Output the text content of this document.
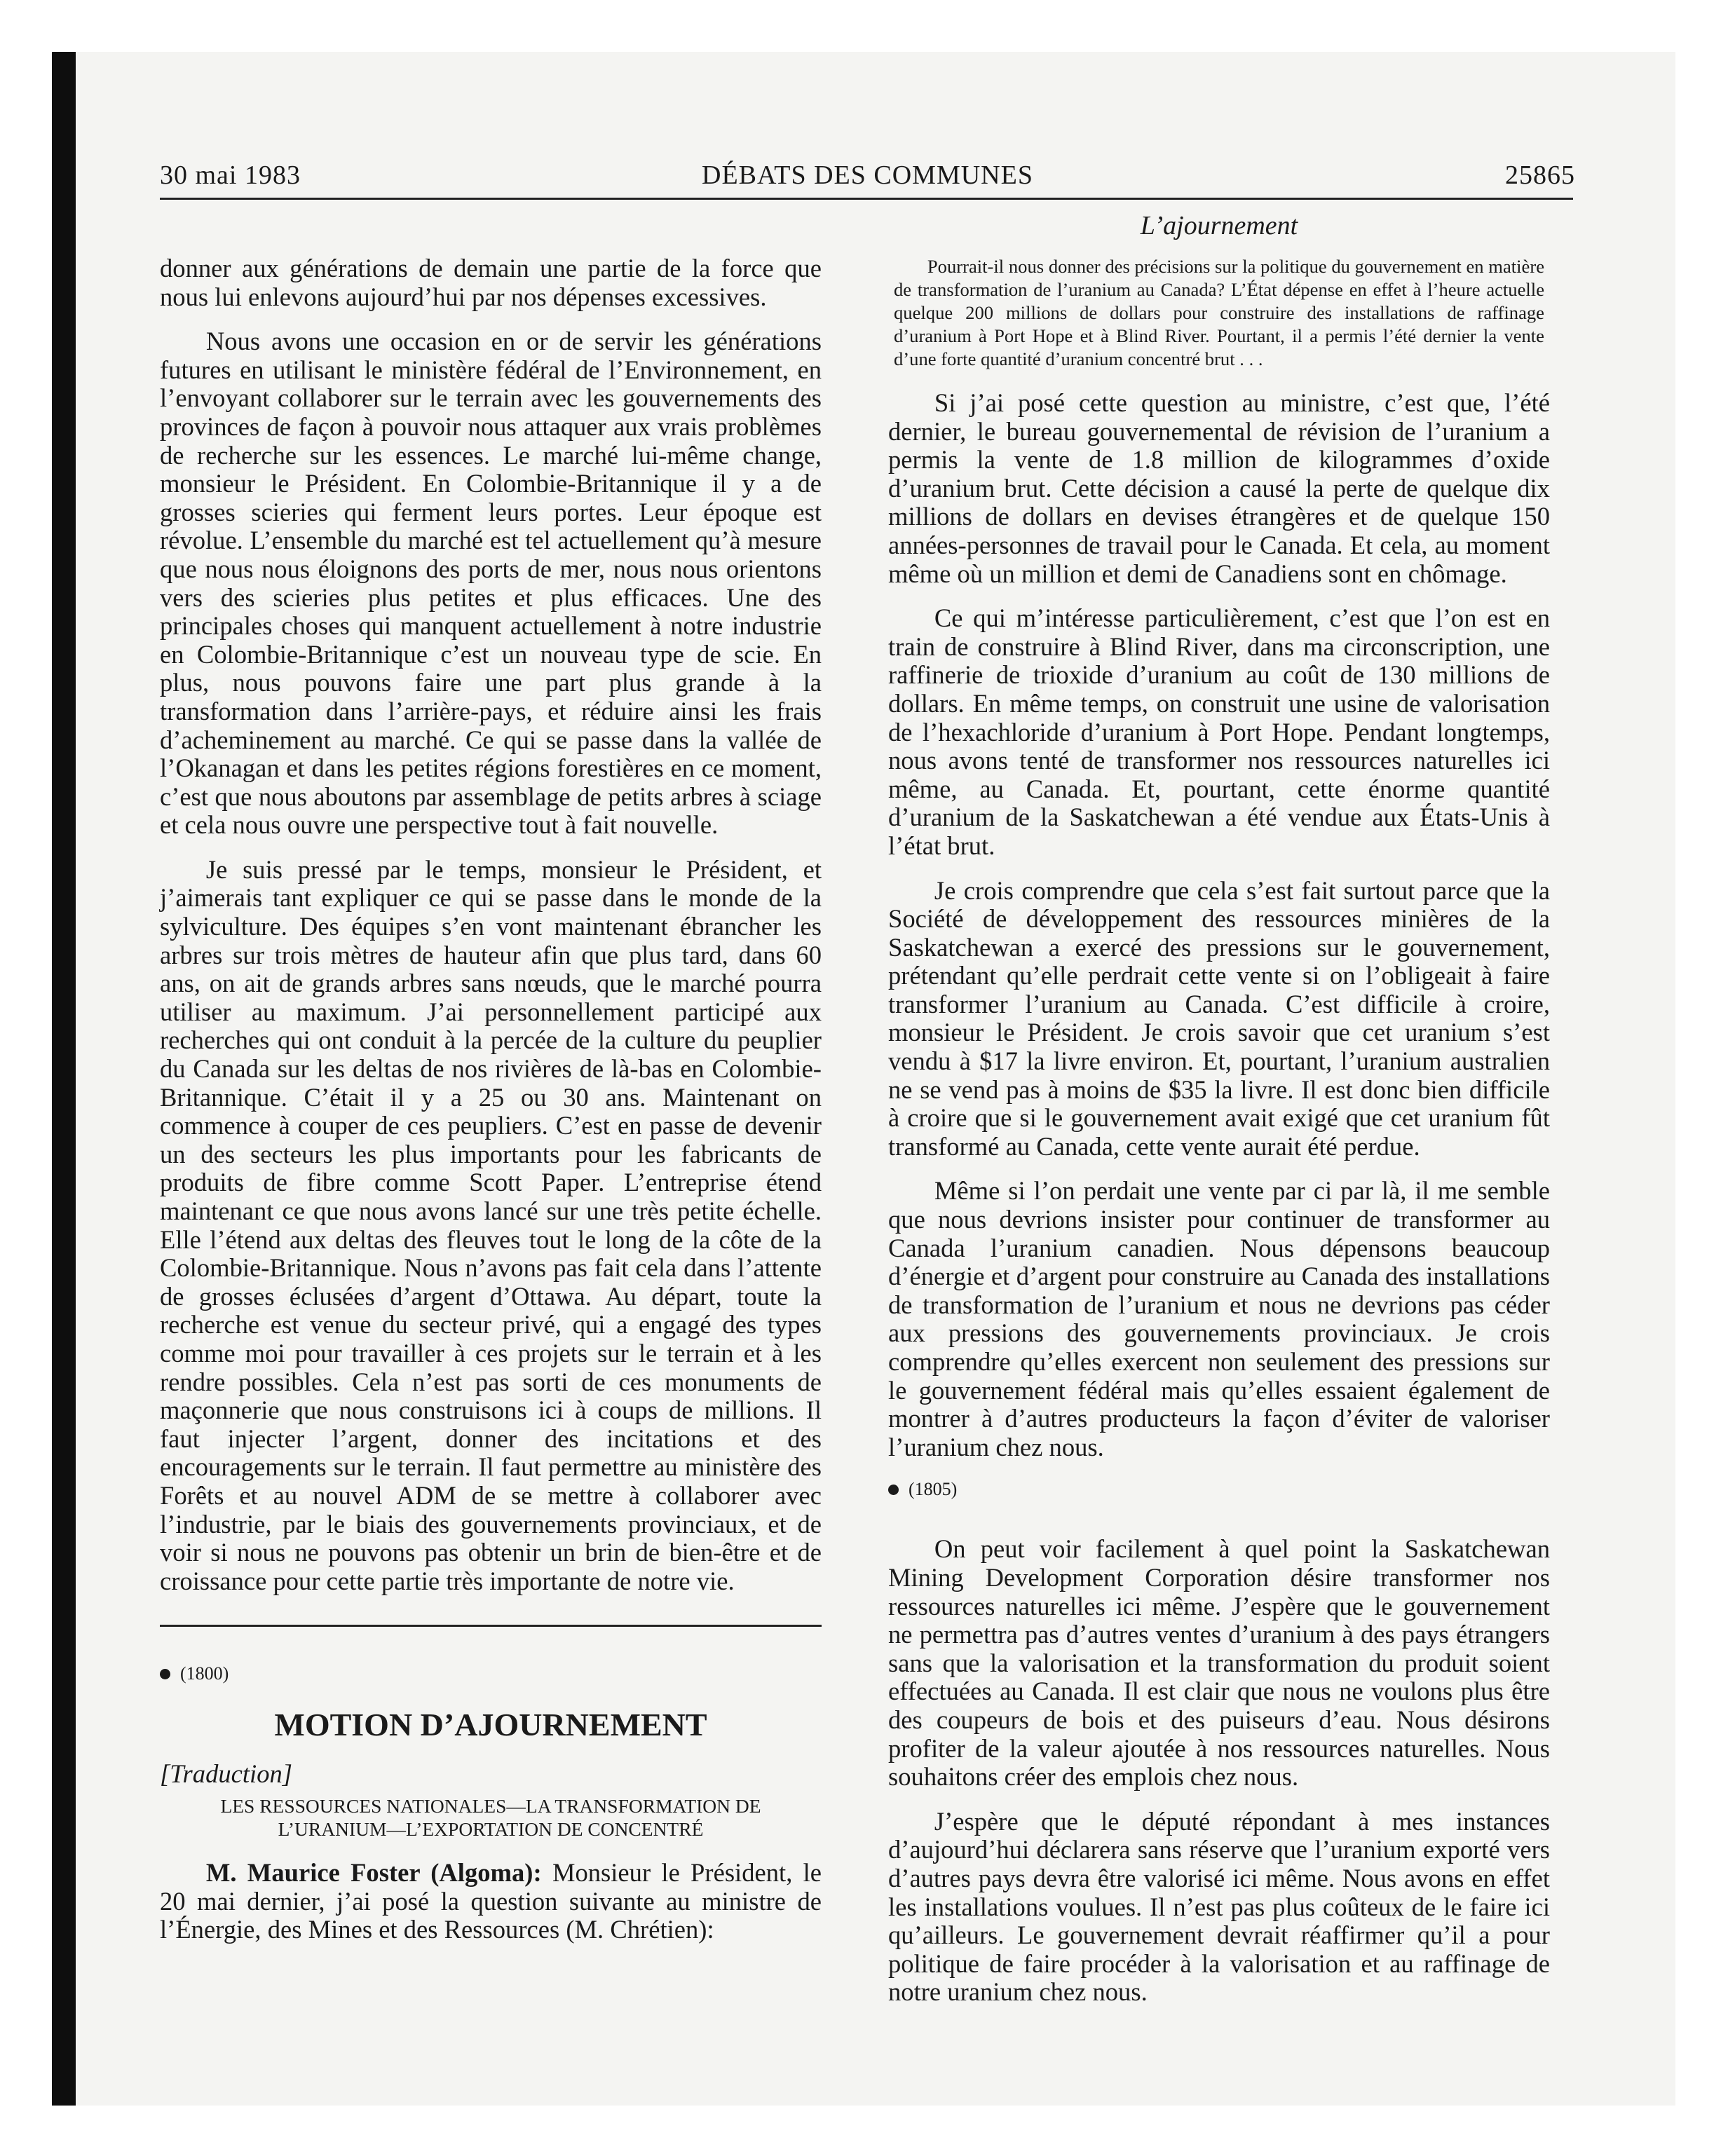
30 mai 1983	DÉBATS DES COMMUNES	25865

donner aux générations de demain une partie de la force que nous lui enlevons aujourd’hui par nos dépenses excessives.

Nous avons une occasion en or de servir les générations futures en utilisant le ministère fédéral de l’Environnement, en l’envoyant collaborer sur le terrain avec les gouvernements des provinces de façon à pouvoir nous attaquer aux vrais problèmes de recherche sur les essences. Le marché lui-même change, monsieur le Président. En Colombie-Britannique il y a de grosses scieries qui ferment leurs portes. Leur époque est révolue. L’ensemble du marché est tel actuellement qu’à mesure que nous nous éloignons des ports de mer, nous nous orientons vers des scieries plus petites et plus efficaces. Une des principales choses qui manquent actuellement à notre industrie en Colombie-Britannique c’est un nouveau type de scie. En plus, nous pouvons faire une part plus grande à la transformation dans l’arrière-pays, et réduire ainsi les frais d’acheminement au marché. Ce qui se passe dans la vallée de l’Okanagan et dans les petites régions forestières en ce moment, c’est que nous aboutons par assemblage de petits arbres à sciage et cela nous ouvre une perspective tout à fait nouvelle.

Je suis pressé par le temps, monsieur le Président, et j’aimerais tant expliquer ce qui se passe dans le monde de la sylviculture. Des équipes s’en vont maintenant ébrancher les arbres sur trois mètres de hauteur afin que plus tard, dans 60 ans, on ait de grands arbres sans nœuds, que le marché pourra utiliser au maximum. J’ai personnellement participé aux recherches qui ont conduit à la percée de la culture du peuplier du Canada sur les deltas de nos rivières de là-bas en Colombie-Britannique. C’était il y a 25 ou 30 ans. Maintenant on commence à couper de ces peupliers. C’est en passe de devenir un des secteurs les plus importants pour les fabricants de produits de fibre comme Scott Paper. L’entreprise étend maintenant ce que nous avons lancé sur une très petite échelle. Elle l’étend aux deltas des fleuves tout le long de la côte de la Colombie-Britannique. Nous n’avons pas fait cela dans l’attente de grosses éclusées d’argent d’Ottawa. Au départ, toute la recherche est venue du secteur privé, qui a engagé des types comme moi pour travailler à ces projets sur le terrain et à les rendre possibles. Cela n’est pas sorti de ces monuments de maçonnerie que nous construisons ici à coups de millions. Il faut injecter l’argent, donner des incitations et des encouragements sur le terrain. Il faut permettre au ministère des Forêts et au nouvel ADM de se mettre à collaborer avec l’industrie, par le biais des gouvernements provinciaux, et de voir si nous ne pouvons pas obtenir un brin de bien-être et de croissance pour cette partie très importante de notre vie.

(1800)
MOTION D’AJOURNEMENT
[Traduction]
LES RESSOURCES NATIONALES—LA TRANSFORMATION DE
L’URANIUM—L’EXPORTATION DE CONCENTRÉ

M. Maurice Foster (Algoma): Monsieur le Président, le 20 mai dernier, j’ai posé la question suivante au ministre de l’Énergie, des Mines et des Ressources (M. Chrétien):

L’ajournement
Pourrait-il nous donner des précisions sur la politique du gouvernement en matière de transformation de l’uranium au Canada? L’État dépense en effet à l’heure actuelle quelque 200 millions de dollars pour construire des installations de raffinage d’uranium à Port Hope et à Blind River. Pourtant, il a permis l’été dernier la vente d’une forte quantité d’uranium concentré brut . . .

Si j’ai posé cette question au ministre, c’est que, l’été dernier, le bureau gouvernemental de révision de l’uranium a permis la vente de 1.8 million de kilogrammes d’oxide d’uranium brut. Cette décision a causé la perte de quelque dix millions de dollars en devises étrangères et de quelque 150 années-personnes de travail pour le Canada. Et cela, au moment même où un million et demi de Canadiens sont en chômage.

Ce qui m’intéresse particulièrement, c’est que l’on est en train de construire à Blind River, dans ma circonscription, une raffinerie de trioxide d’uranium au coût de 130 millions de dollars. En même temps, on construit une usine de valorisation de l’hexachloride d’uranium à Port Hope. Pendant longtemps, nous avons tenté de transformer nos ressources naturelles ici même, au Canada. Et, pourtant, cette énorme quantité d’uranium de la Saskatchewan a été vendue aux États-Unis à l’état brut.

Je crois comprendre que cela s’est fait surtout parce que la Société de développement des ressources minières de la Saskatchewan a exercé des pressions sur le gouvernement, prétendant qu’elle perdrait cette vente si on l’obligeait à faire transformer l’uranium au Canada. C’est difficile à croire, monsieur le Président. Je crois savoir que cet uranium s’est vendu à $17 la livre environ. Et, pourtant, l’uranium australien ne se vend pas à moins de $35 la livre. Il est donc bien difficile à croire que si le gouvernement avait exigé que cet uranium fût transformé au Canada, cette vente aurait été perdue.

Même si l’on perdait une vente par ci par là, il me semble que nous devrions insister pour continuer de transformer au Canada l’uranium canadien. Nous dépensons beaucoup d’énergie et d’argent pour construire au Canada des installations de transformation de l’uranium et nous ne devrions pas céder aux pressions des gouvernements provinciaux. Je crois comprendre qu’elles exercent non seulement des pressions sur le gouvernement fédéral mais qu’elles essaient également de montrer à d’autres producteurs la façon d’éviter de valoriser l’uranium chez nous.

(1805)

On peut voir facilement à quel point la Saskatchewan Mining Development Corporation désire transformer nos ressources naturelles ici même. J’espère que le gouvernement ne permettra pas d’autres ventes d’uranium à des pays étrangers sans que la valorisation et la transformation du produit soient effectuées au Canada. Il est clair que nous ne voulons plus être des coupeurs de bois et des puiseurs d’eau. Nous désirons profiter de la valeur ajoutée à nos ressources naturelles. Nous souhaitons créer des emplois chez nous.

J’espère que le député répondant à mes instances d’aujourd’hui déclarera sans réserve que l’uranium exporté vers d’autres pays devra être valorisé ici même. Nous avons en effet les installations voulues. Il n’est pas plus coûteux de le faire ici qu’ailleurs. Le gouvernement devrait réaffirmer qu’il a pour politique de faire procéder à la valorisation et au raffinage de notre uranium chez nous.
